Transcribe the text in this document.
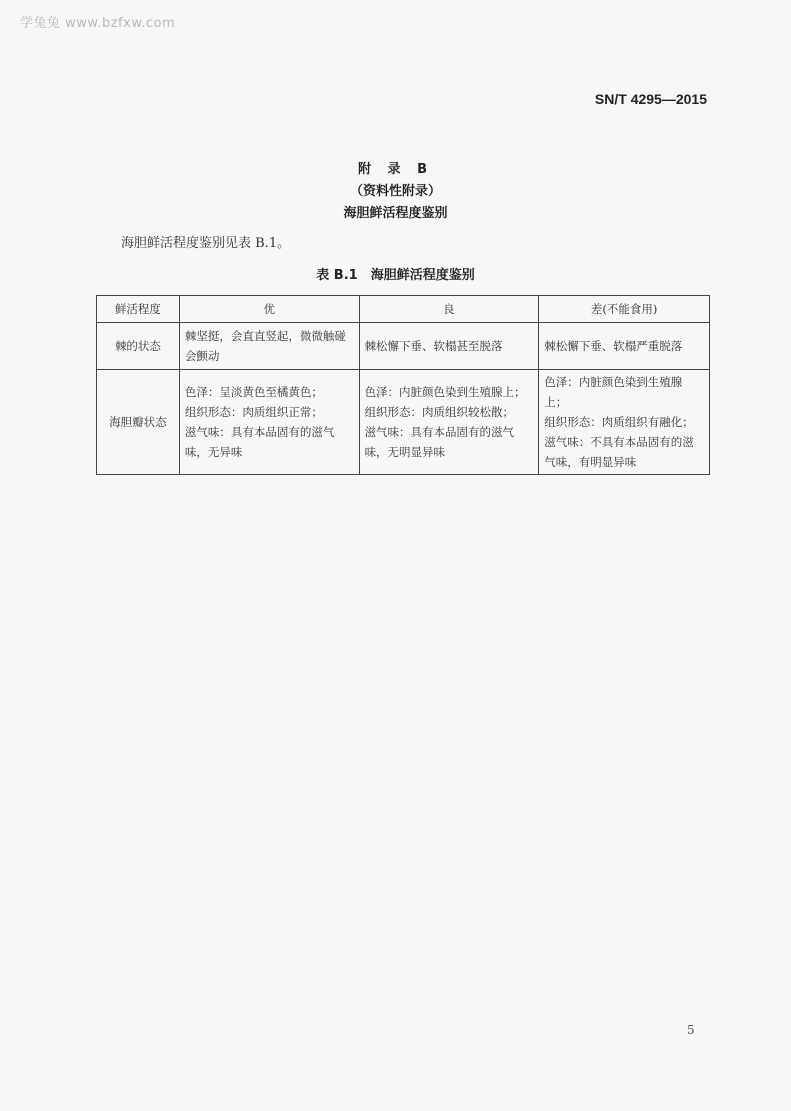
学兔兔 www.bzfxw.com
SN/T 4295—2015
附 录 B
（资料性附录）
海胆鲜活程度鉴别
海胆鲜活程度鉴别见表 B.1。
表 B.1　海胆鲜活程度鉴别
鲜活程度	优	良	差(不能食用)
棘的状态	棘坚挺，会直直竖起，微微触碰
会颤动	棘松懈下垂、软榻甚至脱落	棘松懈下垂、软榻严重脱落

海胆瓣状态	色泽：呈淡黄色至橘黄色；
组织形态：肉质组织正常；
滋气味：具有本品固有的滋气
味，无异味	色泽：内脏颜色染到生殖腺上；
组织形态：肉质组织较松散；
滋气味：具有本品固有的滋气
味，无明显异味	色泽：内脏颜色染到生殖腺上；
组织形态：肉质组织有融化；
滋气味：不具有本品固有的滋
气味，有明显异味
5
